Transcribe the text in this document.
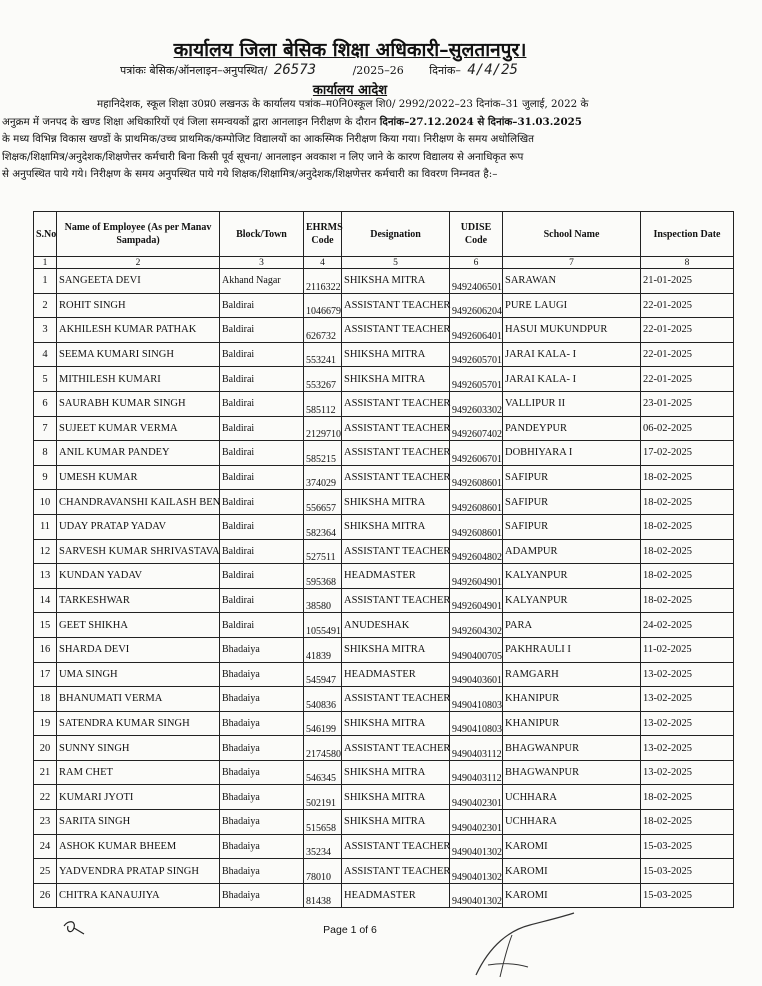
कार्यालय जिला बेसिक शिक्षा अधिकारी–सुलतानपुर।
पत्रांकः बेसिक/ऑनलाइन–अनुपस्थित/ 26573	/2025–26 दिनांक– 4/4/25
कार्यालय आदेश
महानिदेशक, स्कूल शिक्षा उ0प्र0 लखनऊ के कार्यालय पत्रांक–म0नि0स्कूल शि0/ 2992/2022–23 दिनांक–31 जुलाई, 2022 के
अनुक्रम में जनपद के खण्ड शिक्षा अधिकारियों एवं जिला समन्वयकों द्वारा आनलाइन निरीक्षण के दौरान दिनांक–27.12.2024 से दिनांक–31.03.2025
के मध्य विभिन्न विकास खण्डों के प्राथमिक/उच्च प्राथमिक/कम्पोजिट विद्यालयों का आकस्मिक निरीक्षण किया गया। निरीक्षण के समय अधोलिखित
शिक्षक/शिक्षामित्र/अनुदेशक/शिक्षणेत्तर कर्मचारी बिना किसी पूर्व सूचना/ आनलाइन अवकाश न लिए जाने के कारण विद्यालय से अनाधिकृत रूप
से अनुपस्थित पाये गये। निरीक्षण के समय अनुपस्थित पाये गये शिक्षक/शिक्षामित्र/अनुदेशक/शिक्षणेत्तर कर्मचारी का विवरण निम्नवत है:–
S.No	Name of Employee (As per Manav Sampada)	Block/Town	EHRMS Code	Designation	UDISE Code	School Name	Inspection Date
1	2	3	4	5	6	7	8
1	SANGEETA DEVI	Akhand Nagar	2116322	SHIKSHA MITRA	9492406501	SARAWAN	21-01-2025
2	ROHIT SINGH	Baldirai	1046679	ASSISTANT TEACHER	9492606204	PURE LAUGI	22-01-2025
3	AKHILESH KUMAR PATHAK	Baldirai	626732	ASSISTANT TEACHER	9492606401	HASUI MUKUNDPUR	22-01-2025
4	SEEMA KUMARI SINGH	Baldirai	553241	SHIKSHA MITRA	9492605701	JARAI KALA- I	22-01-2025
5	MITHILESH KUMARI	Baldirai	553267	SHIKSHA MITRA	9492605701	JARAI KALA- I	22-01-2025
6	SAURABH KUMAR SINGH	Baldirai	585112	ASSISTANT TEACHER	9492603302	VALLIPUR II	23-01-2025
7	SUJEET KUMAR VERMA	Baldirai	2129710	ASSISTANT TEACHER	9492607402	PANDEYPUR	06-02-2025
8	ANIL KUMAR PANDEY	Baldirai	585215	ASSISTANT TEACHER	9492606701	DOBHIYARA I	17-02-2025
9	UMESH KUMAR	Baldirai	374029	ASSISTANT TEACHER	9492608601	SAFIPUR	18-02-2025
10	CHANDRAVANSHI KAILASH BEN	Baldirai	556657	SHIKSHA MITRA	9492608601	SAFIPUR	18-02-2025
11	UDAY PRATAP YADAV	Baldirai	582364	SHIKSHA MITRA	9492608601	SAFIPUR	18-02-2025
12	SARVESH KUMAR SHRIVASTAVA	Baldirai	527511	ASSISTANT TEACHER	9492604802	ADAMPUR	18-02-2025
13	KUNDAN YADAV	Baldirai	595368	HEADMASTER	9492604901	KALYANPUR	18-02-2025
14	TARKESHWAR	Baldirai	38580	ASSISTANT TEACHER	9492604901	KALYANPUR	18-02-2025
15	GEET SHIKHA	Baldirai	1055491	ANUDESHAK	9492604302	PARA	24-02-2025
16	SHARDA DEVI	Bhadaiya	41839	SHIKSHA MITRA	9490400705	PAKHRAULI I	11-02-2025
17	UMA SINGH	Bhadaiya	545947	HEADMASTER	9490403601	RAMGARH	13-02-2025
18	BHANUMATI VERMA	Bhadaiya	540836	ASSISTANT TEACHER	9490410803	KHANIPUR	13-02-2025
19	SATENDRA KUMAR SINGH	Bhadaiya	546199	SHIKSHA MITRA	9490410803	KHANIPUR	13-02-2025
20	SUNNY SINGH	Bhadaiya	2174580	ASSISTANT TEACHER	9490403112	BHAGWANPUR	13-02-2025
21	RAM CHET	Bhadaiya	546345	SHIKSHA MITRA	9490403112	BHAGWANPUR	13-02-2025
22	KUMARI JYOTI	Bhadaiya	502191	SHIKSHA MITRA	9490402301	UCHHARA	18-02-2025
23	SARITA SINGH	Bhadaiya	515658	SHIKSHA MITRA	9490402301	UCHHARA	18-02-2025
24	ASHOK KUMAR BHEEM	Bhadaiya	35234	ASSISTANT TEACHER	9490401302	KAROMI	15-03-2025
25	YADVENDRA PRATAP SINGH	Bhadaiya	78010	ASSISTANT TEACHER	9490401302	KAROMI	15-03-2025
26	CHITRA KANAUJIYA	Bhadaiya	81438	HEADMASTER	9490401302	KAROMI	15-03-2025
Page 1 of 6
